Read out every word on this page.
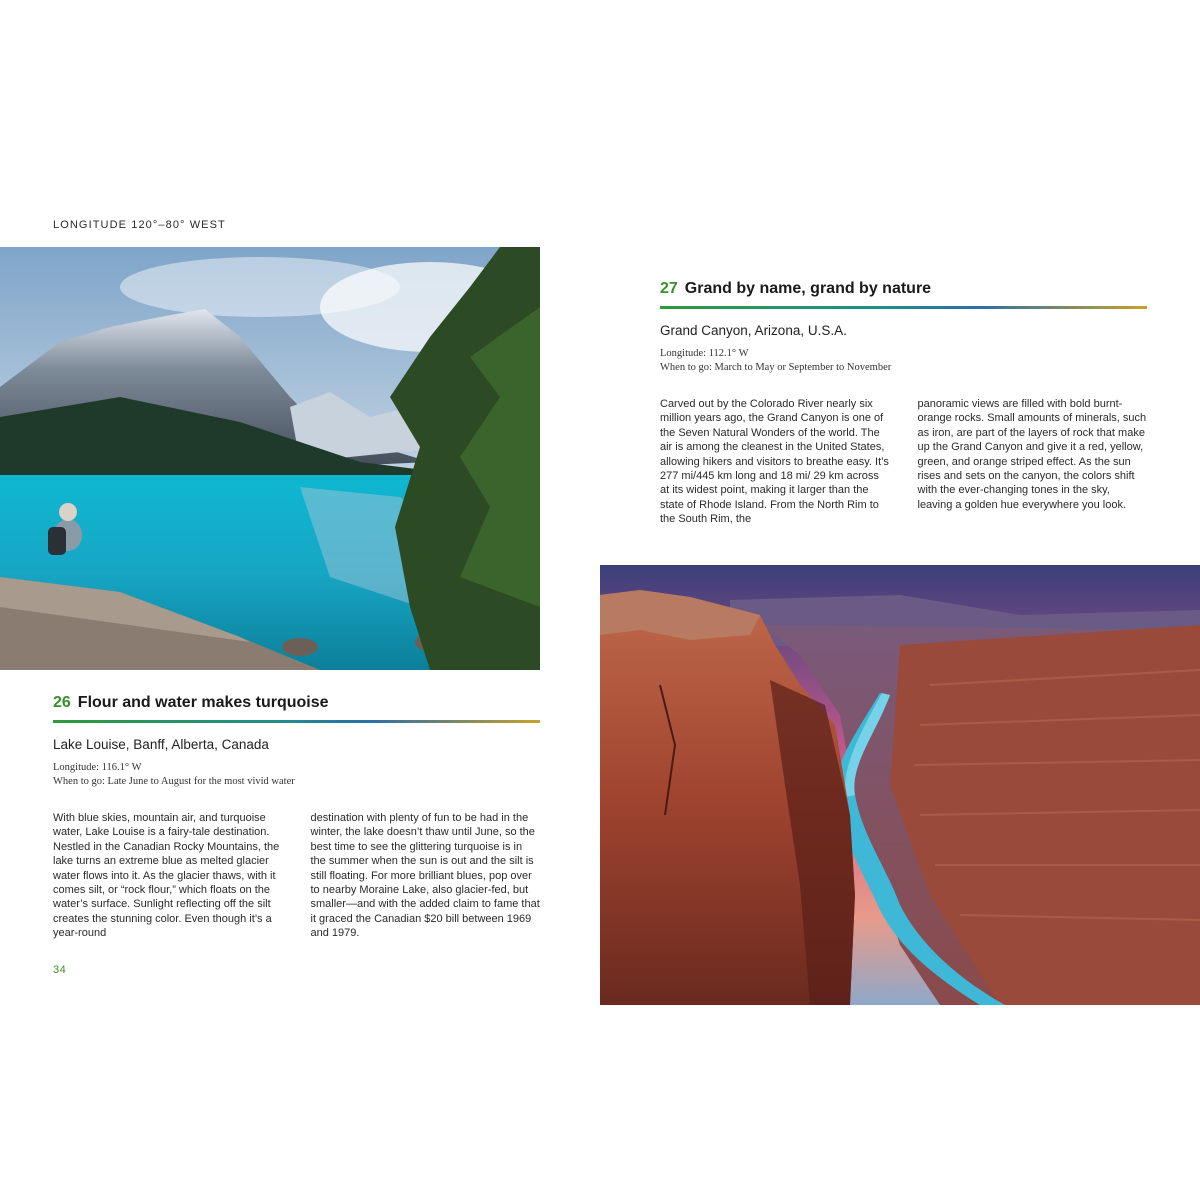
LONGITUDE 120°–80° WEST
26 Flour and water makes turquoise
Lake Louise, Banff, Alberta, Canada
Longitude: 116.1° W
When to go: Late June to August for the most vivid water

With blue skies, mountain air, and turquoise water, Lake Louise is a fairy-tale destination. Nestled in the Canadian Rocky Mountains, the lake turns an extreme blue as melted glacier water flows into it. As the glacier thaws, with it comes silt, or “rock flour,” which floats on the water’s surface. Sunlight reflecting off the silt creates the stunning color. Even though it’s a year-round

destination with plenty of fun to be had in the winter, the lake doesn’t thaw until June, so the best time to see the glittering turquoise is in the summer when the sun is out and the silt is still floating. For more brilliant blues, pop over to nearby Moraine Lake, also glacier-fed, but smaller—and with the added claim to fame that it graced the Canadian $20 bill between 1969 and 1979.

34
27 Grand by name, grand by nature
Grand Canyon, Arizona, U.S.A.
Longitude: 112.1° W
When to go: March to May or September to November

Carved out by the Colorado River nearly six million years ago, the Grand Canyon is one of the Seven Natural Wonders of the world. The air is among the cleanest in the United States, allowing hikers and visitors to breathe easy. It’s 277 mi/445 km long and 18 mi/ 29 km across at its widest point, making it larger than the state of Rhode Island. From the North Rim to the South Rim, the

panoramic views are filled with bold burnt-orange rocks. Small amounts of minerals, such as iron, are part of the layers of rock that make up the Grand Canyon and give it a red, yellow, green, and orange striped effect. As the sun rises and sets on the canyon, the colors shift with the ever-changing tones in the sky, leaving a golden hue everywhere you look.
